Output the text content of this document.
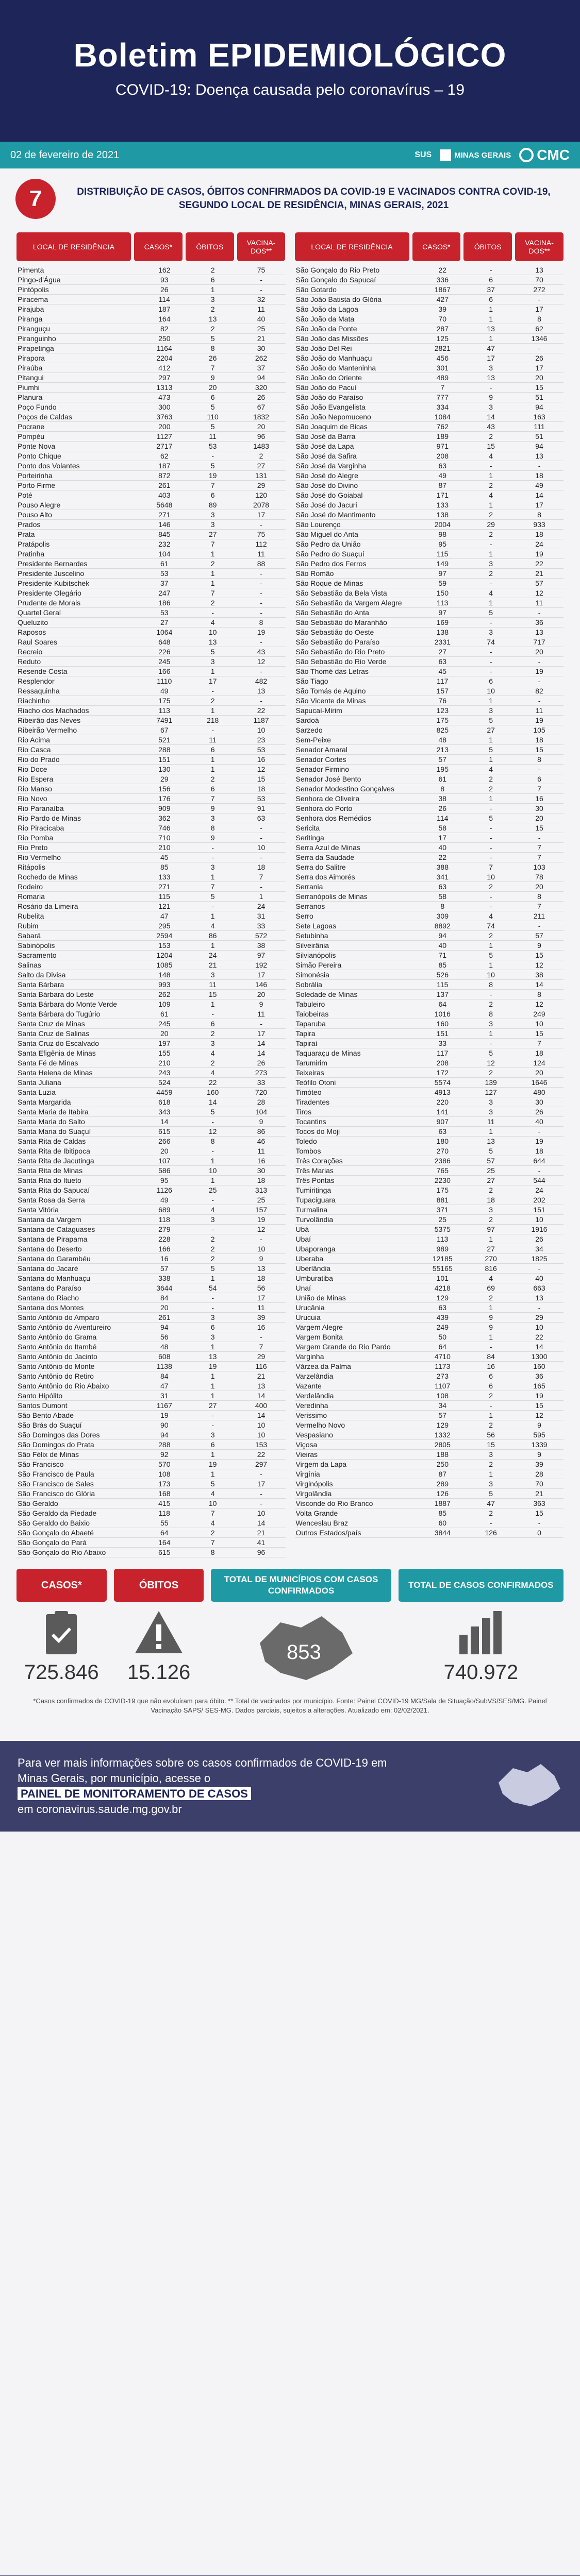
Boletim EPIDEMIOLÓGICO
COVID-19: Doença causada pelo coronavírus – 19
02 de fevereiro de 2021	SUS	MINAS GERAIS CMC
7	DISTRIBUIÇÃO DE CASOS, ÓBITOS CONFIRMADOS DA COVID-19 E VACINADOS CONTRA COVID-19, SEGUNDO LOCAL DE RESIDÊNCIA, MINAS GERAIS, 2021
LOCAL DE RESIDÊNCIA	CASOS*	ÓBITOS	VACINA-DOS**
Pimenta	162	2	75
Pingo-d'Água	93	6	-
Pintópolis	26	1	-
Piracema	114	3	32
Pirajuba	187	2	11
Piranga	164	13	40
Piranguçu	82	2	25
Piranguinho	250	5	21
Pirapetinga	1164	8	30
Pirapora	2204	26	262
Piraúba	412	7	37
Pitangui	297	9	94
Piumhi	1313	20	320
Planura	473	6	26
Poço Fundo	300	5	67
Poços de Caldas	3763	110	1832
Pocrane	200	5	20
Pompéu	1127	11	96
Ponte Nova	2717	53	1483
Ponto Chique	62	-	2
Ponto dos Volantes	187	5	27
Porteirinha	872	19	131
Porto Firme	261	7	29
Poté	403	6	120
Pouso Alegre	5648	89	2078
Pouso Alto	271	3	17
Prados	146	3	-
Prata	845	27	75
Pratápolis	232	7	112
Pratinha	104	1	11
Presidente Bernardes	61	2	88
Presidente Juscelino	53	1	-
Presidente Kubitschek	37	1	-
Presidente Olegário	247	7	-
Prudente de Morais	186	2	-
Quartel Geral	53	-	-
Queluzito	27	4	8
Raposos	1064	10	19
Raul Soares	648	13	-
Recreio	226	5	43
Reduto	245	3	12
Resende Costa	166	1	-
Resplendor	1110	17	482
Ressaquinha	49	-	13
Riachinho	175	2	-
Riacho dos Machados	113	1	22
Ribeirão das Neves	7491	218	1187
Ribeirão Vermelho	67	-	10
Rio Acima	521	11	23
Rio Casca	288	6	53
Rio do Prado	151	1	16
Rio Doce	130	1	12
Rio Espera	29	2	15
Rio Manso	156	6	18
Rio Novo	176	7	53
Rio Paranaíba	909	9	91
Rio Pardo de Minas	362	3	63
Rio Piracicaba	746	8	-
Rio Pomba	710	9	-
Rio Preto	210	-	10
Rio Vermelho	45	-	-
Ritápolis	85	3	18
Rochedo de Minas	133	1	7
Rodeiro	271	7	-
Romaria	115	5	1
Rosário da Limeira	121	-	24
Rubelita	47	1	31
Rubim	295	4	33
Sabará	2594	86	572
Sabinópolis	153	1	38
Sacramento	1204	24	97
Salinas	1085	21	192
Salto da Divisa	148	3	17
Santa Bárbara	993	11	146
Santa Bárbara do Leste	262	15	20
Santa Bárbara do Monte Verde	109	1	9
Santa Bárbara do Tugúrio	61	-	11
Santa Cruz de Minas	245	6	-
Santa Cruz de Salinas	20	2	17
Santa Cruz do Escalvado	197	3	14
Santa Efigênia de Minas	155	4	14
Santa Fé de Minas	210	2	26
Santa Helena de Minas	243	4	273
Santa Juliana	524	22	33
Santa Luzia	4459	160	720
Santa Margarida	618	14	28
Santa Maria de Itabira	343	5	104
Santa Maria do Salto	14	-	9
Santa Maria do Suaçuí	615	12	86
Santa Rita de Caldas	266	8	46
Santa Rita de Ibitipoca	20	-	11
Santa Rita de Jacutinga	107	1	16
Santa Rita de Minas	586	10	30
Santa Rita do Itueto	95	1	18
Santa Rita do Sapucaí	1126	25	313
Santa Rosa da Serra	49	-	25
Santa Vitória	689	4	157
Santana da Vargem	118	3	19
Santana de Cataguases	279	-	12
Santana de Pirapama	228	2	-
Santana do Deserto	166	2	10
Santana do Garambéu	16	2	9
Santana do Jacaré	57	5	13
Santana do Manhuaçu	338	1	18
Santana do Paraíso	3644	54	56
Santana do Riacho	84	-	17
Santana dos Montes	20	-	11
Santo Antônio do Amparo	261	3	39
Santo Antônio do Aventureiro	94	6	16
Santo Antônio do Grama	56	3	-
Santo Antônio do Itambé	48	1	7
Santo Antônio do Jacinto	608	13	29
Santo Antônio do Monte	1138	19	116
Santo Antônio do Retiro	84	1	21
Santo Antônio do Rio Abaixo	47	1	13
Santo Hipólito	31	1	14
Santos Dumont	1167	27	400
São Bento Abade	19	-	14
São Brás do Suaçuí	90	-	10
São Domingos das Dores	94	3	10
São Domingos do Prata	288	6	153
São Félix de Minas	92	1	22
São Francisco	570	19	297
São Francisco de Paula	108	1	-
São Francisco de Sales	173	5	17
São Francisco do Glória	168	4	-
São Geraldo	415	10	-
São Geraldo da Piedade	118	7	10
São Geraldo do Baixio	55	4	14
São Gonçalo do Abaeté	64	2	21
São Gonçalo do Pará	164	7	41
São Gonçalo do Rio Abaixo	615	8	96
LOCAL DE RESIDÊNCIA	CASOS*	ÓBITOS	VACINA-DOS**
São Gonçalo do Rio Preto	22	-	13
São Gonçalo do Sapucaí	336	6	70
São Gotardo	1867	37	272
São João Batista do Glória	427	6	-
São João da Lagoa	39	1	17
São João da Mata	70	1	8
São João da Ponte	287	13	62
São João das Missões	125	1	1346
São João Del Rei	2821	47	-
São João do Manhuaçu	456	17	26
São João do Manteninha	301	3	17
São João do Oriente	489	13	20
São João do Pacuí	7	-	15
São João do Paraíso	777	9	51
São João Evangelista	334	3	94
São João Nepomuceno	1084	14	163
São Joaquim de Bicas	762	43	111
São José da Barra	189	2	51
São José da Lapa	971	15	94
São José da Safira	208	4	13
São José da Varginha	63	-	-
São José do Alegre	49	1	18
São José do Divino	87	2	49
São José do Goiabal	171	4	14
São José do Jacuri	133	1	17
São José do Mantimento	138	2	8
São Lourenço	2004	29	933
São Miguel do Anta	98	2	18
São Pedro da União	95	-	24
São Pedro do Suaçuí	115	1	19
São Pedro dos Ferros	149	3	22
São Romão	97	2	21
São Roque de Minas	59	-	57
São Sebastião da Bela Vista	150	4	12
São Sebastião da Vargem Alegre	113	1	11
São Sebastião do Anta	97	5	-
São Sebastião do Maranhão	169	-	36
São Sebastião do Oeste	138	3	13
São Sebastião do Paraíso	2331	74	717
São Sebastião do Rio Preto	27	-	20
São Sebastião do Rio Verde	63	-	-
São Thomé das Letras	45	-	19
São Tiago	117	6	-
São Tomás de Aquino	157	10	82
São Vicente de Minas	76	1	-
Sapucaí-Mirim	123	3	11
Sardoá	175	5	19
Sarzedo	825	27	105
Sem-Peixe	48	1	18
Senador Amaral	213	5	15
Senador Cortes	57	1	8
Senador Firmino	195	4	-
Senador José Bento	61	2	6
Senador Modestino Gonçalves	8	2	7
Senhora de Oliveira	38	1	16
Senhora do Porto	26	-	30
Senhora dos Remédios	114	5	20
Sericita	58	-	15
Seritinga	17	-	-
Serra Azul de Minas	40	-	7
Serra da Saudade	22	-	7
Serra do Salitre	388	7	103
Serra dos Aimorés	341	10	78
Serrania	63	2	20
Serranópolis de Minas	58	-	8
Serranos	8	-	7
Serro	309	4	211
Sete Lagoas	8892	74	-
Setubinha	94	2	57
Silveirânia	40	1	9
Silvianópolis	71	5	15
Simão Pereira	85	1	12
Simonésia	526	10	38
Sobrália	115	8	14
Soledade de Minas	137	-	8
Tabuleiro	64	2	12
Taiobeiras	1016	8	249
Taparuba	160	3	10
Tapira	151	1	15
Tapiraí	33	-	7
Taquaraçu de Minas	117	5	18
Tarumirim	208	12	124
Teixeiras	172	2	20
Teófilo Otoni	5574	139	1646
Timóteo	4913	127	480
Tiradentes	220	3	30
Tiros	141	3	26
Tocantins	907	11	40
Tocos do Moji	63	1	-
Toledo	180	13	19
Tombos	270	5	18
Três Corações	2386	57	644
Três Marias	765	25	-
Três Pontas	2230	27	544
Tumiritinga	175	2	24
Tupaciguara	881	18	202
Turmalina	371	3	151
Turvolândia	25	2	10
Ubá	5375	97	1916
Ubaí	113	1	26
Ubaporanga	989	27	34
Uberaba	12185	270	1825
Uberlândia	55165	816	-
Umburatiba	101	4	40
Unaí	4218	69	663
União de Minas	129	2	13
Urucânia	63	1	-
Urucuia	439	9	29
Vargem Alegre	249	9	10
Vargem Bonita	50	1	22
Vargem Grande do Rio Pardo	64	-	14
Varginha	4710	84	1300
Várzea da Palma	1173	16	160
Varzelândia	273	6	36
Vazante	1107	6	165
Verdelândia	108	2	19
Veredinha	34	-	15
Verissimo	57	1	12
Vermelho Novo	129	2	9
Vespasiano	1332	56	595
Viçosa	2805	15	1339
Vieiras	188	3	9
Virgem da Lapa	250	2	39
Virgínia	87	1	28
Virginópolis	289	3	70
Virgolândia	126	5	21
Visconde do Rio Branco	1887	47	363
Volta Grande	85	2	15
Wenceslau Braz	60	-	-
Outros Estados/país	3844	126	0
CASOS*	ÓBITOS	TOTAL DE MUNICÍPIOS COM CASOS CONFIRMADOS
TOTAL DE CASOS CONFIRMADOS
725.846	15.126
853
740.972

*Casos confirmados de COVID-19 que não evoluíram para óbito. ** Total de vacinados por município. Fonte: Painel COVID-19 MG/Sala de Situação/SubVS/SES/MG. Painel Vacinação SAPS/ SES-MG. Dados parciais, sujeitos a alterações. Atualizado em: 02/02/2021.

Para ver mais informações sobre os casos confirmados de COVID-19 em
Minas Gerais, por município, acesse o
PAINEL DE MONITORAMENTO DE CASOS
em coronavirus.saude.mg.gov.br
